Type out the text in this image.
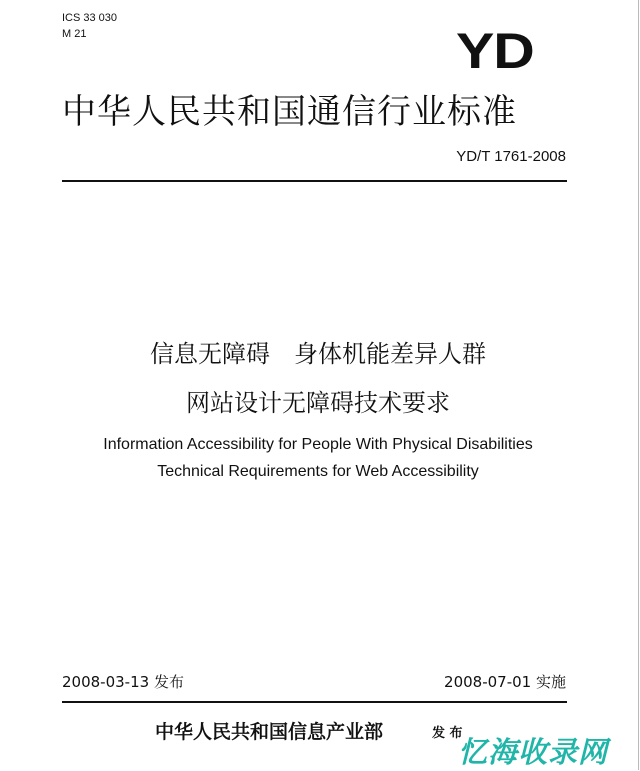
ICS 33 030
M 21	YD
中华人民共和国通信行业标准
YD/T 1761-2008
信息无障碍　身体机能差异人群
网站设计无障碍技术要求
Information Accessibility for People With Physical Disabilities
Technical Requirements for Web Accessibility
2008-03-13 发布	2008-07-01 实施
中华人民共和国信息产业部	发 布
忆海收录网
